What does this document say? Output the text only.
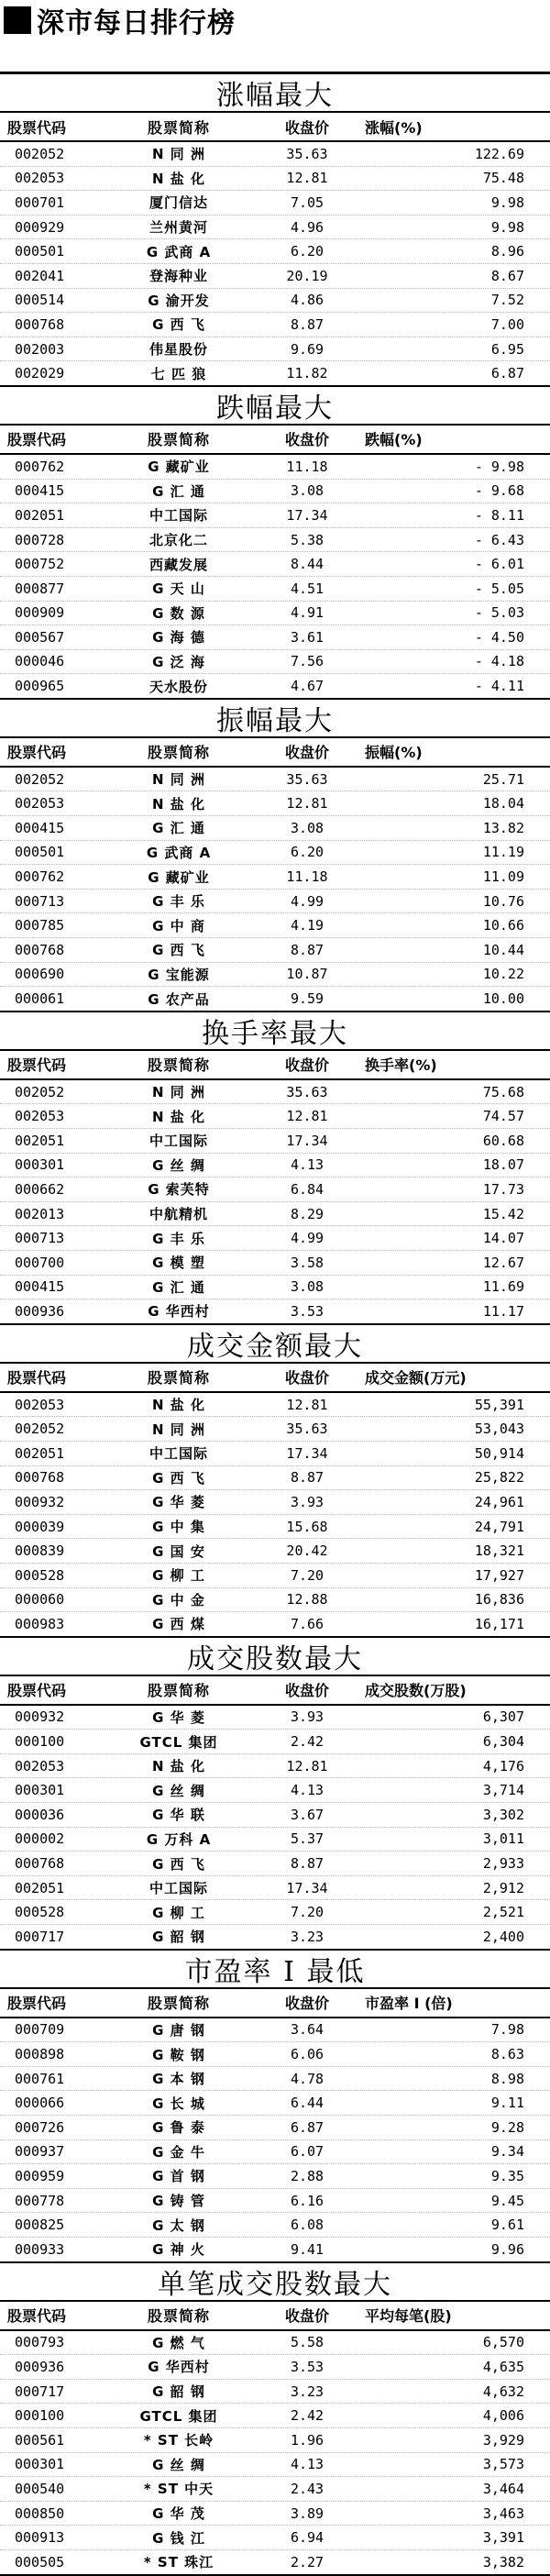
深市每日排行榜
涨幅最大
股票代码	股票简称	收盘价	涨幅(%)
002052	N 同 洲	35.63	122.69
002053	N 盐 化	12.81	75.48
000701	厦门信达	7.05	9.98
000929	兰州黄河	4.96	9.98
000501	G 武商 A	6.20	8.96
002041	登海种业	20.19	8.67
000514	G 渝开发	4.86	7.52
000768	G 西 飞	8.87	7.00
002003	伟星股份	9.69	6.95
002029	七 匹 狼	11.82	6.87
跌幅最大
股票代码	股票简称	收盘价	跌幅(%)
000762	G 藏矿业	11.18	- 9.98
000415	G 汇 通	3.08	- 9.68
002051	中工国际	17.34	- 8.11
000728	北京化二	5.38	- 6.43
000752	西藏发展	8.44	- 6.01
000877	G 天 山	4.51	- 5.05
000909	G 数 源	4.91	- 5.03
000567	G 海 德	3.61	- 4.50
000046	G 泛 海	7.56	- 4.18
000965	天水股份	4.67	- 4.11
振幅最大
股票代码	股票简称	收盘价	振幅(%)
002052	N 同 洲	35.63	25.71
002053	N 盐 化	12.81	18.04
000415	G 汇 通	3.08	13.82
000501	G 武商 A	6.20	11.19
000762	G 藏矿业	11.18	11.09
000713	G 丰 乐	4.99	10.76
000785	G 中 商	4.19	10.66
000768	G 西 飞	8.87	10.44
000690	G 宝能源	10.87	10.22
000061	G 农产品	9.59	10.00
换手率最大
股票代码	股票简称	收盘价	换手率(%)
002052	N 同 洲	35.63	75.68
002053	N 盐 化	12.81	74.57
002051	中工国际	17.34	60.68
000301	G 丝 绸	4.13	18.07
000662	G 索芙特	6.84	17.73
002013	中航精机	8.29	15.42
000713	G 丰 乐	4.99	14.07
000700	G 模 塑	3.58	12.67
000415	G 汇 通	3.08	11.69
000936	G 华西村	3.53	11.17
成交金额最大
股票代码	股票简称	收盘价	成交金额(万元)
002053	N 盐 化	12.81	55,391
002052	N 同 洲	35.63	53,043
002051	中工国际	17.34	50,914
000768	G 西 飞	8.87	25,822
000932	G 华 菱	3.93	24,961
000039	G 中 集	15.68	24,791
000839	G 国 安	20.42	18,321
000528	G 柳 工	7.20	17,927
000060	G 中 金	12.88	16,836
000983	G 西 煤	7.66	16,171
成交股数最大
股票代码	股票简称	收盘价	成交股数(万股)
000932	G 华 菱	3.93	6,307
000100	GTCL 集团	2.42	6,304
002053	N 盐 化	12.81	4,176
000301	G 丝 绸	4.13	3,714
000036	G 华 联	3.67	3,302
000002	G 万科 A	5.37	3,011
000768	G 西 飞	8.87	2,933
002051	中工国际	17.34	2,912
000528	G 柳 工	7.20	2,521
000717	G 韶 钢	3.23	2,400
市盈率 I 最低
股票代码	股票简称	收盘价	市盈率 I (倍)
000709	G 唐 钢	3.64	7.98
000898	G 鞍 钢	6.06	8.63
000761	G 本 钢	4.78	8.98
000066	G 长 城	6.44	9.11
000726	G 鲁 泰	6.87	9.28
000937	G 金 牛	6.07	9.34
000959	G 首 钢	2.88	9.35
000778	G 铸 管	6.16	9.45
000825	G 太 钢	6.08	9.61
000933	G 神 火	9.41	9.96
单笔成交股数最大
股票代码	股票简称	收盘价	平均每笔(股)
000793	G 燃 气	5.58	6,570
000936	G 华西村	3.53	4,635
000717	G 韶 钢	3.23	4,632
000100	GTCL 集团	2.42	4,006
000561	* ST 长岭	1.96	3,929
000301	G 丝 绸	4.13	3,573
000540	* ST 中天	2.43	3,464
000850	G 华 茂	3.89	3,463
000913	G 钱 江	6.94	3,391
000505	* ST 珠江	2.27	3,382
